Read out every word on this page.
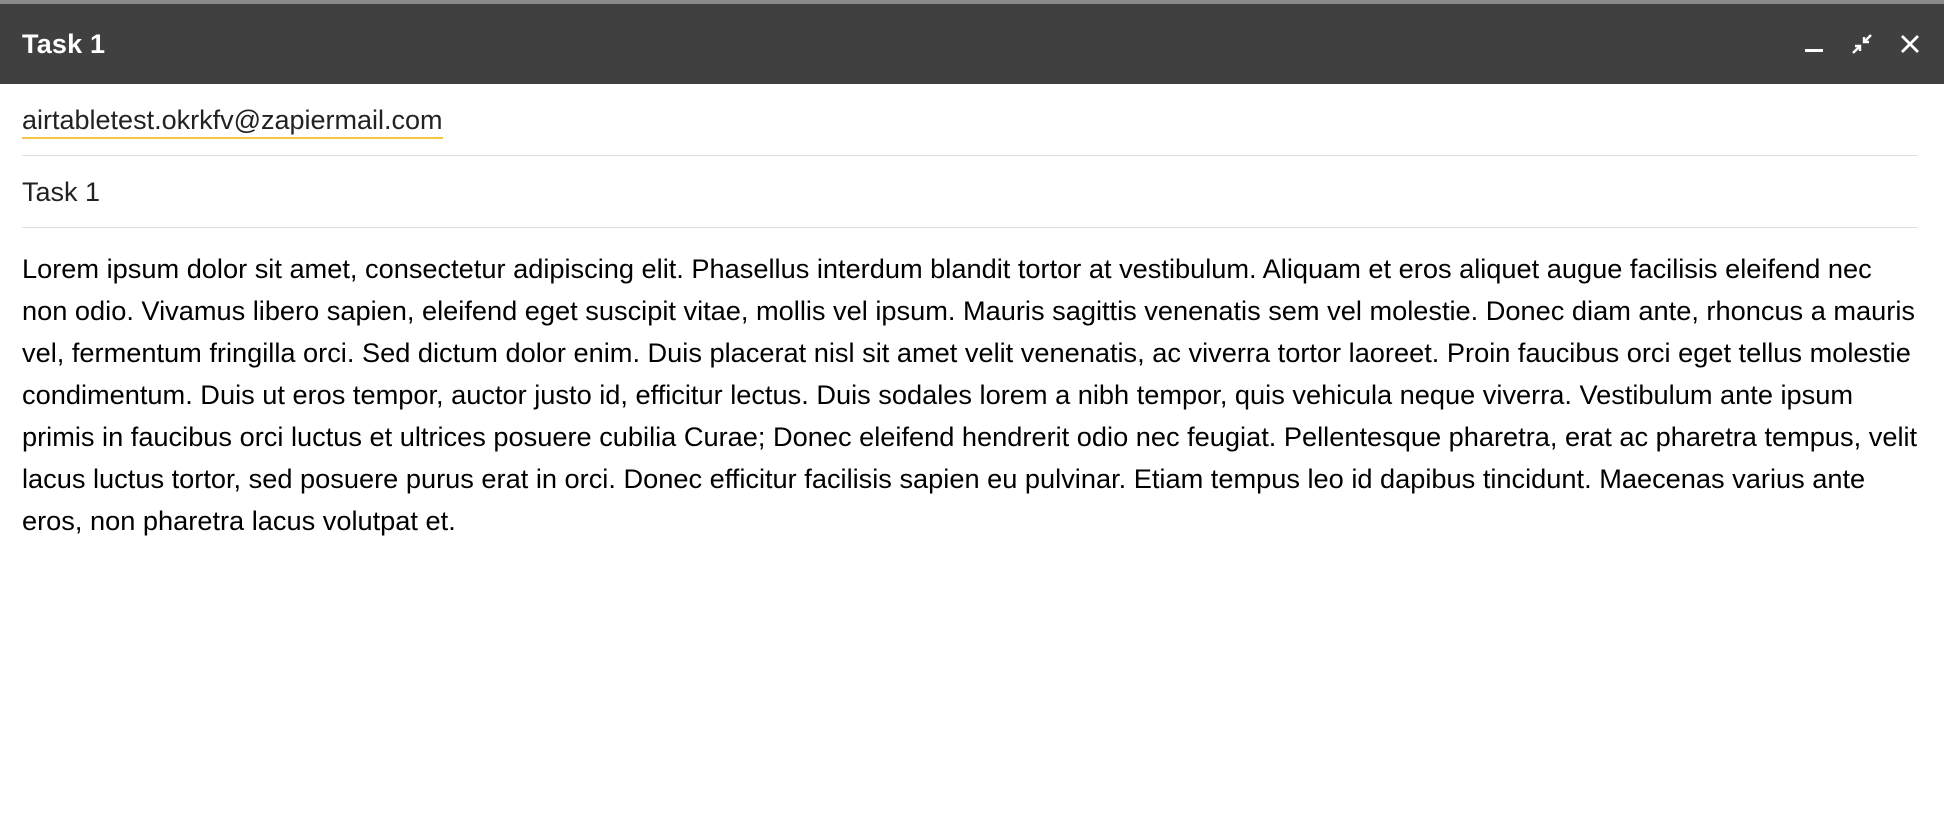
Task 1
airtabletest.okrkfv@zapiermail.com
Task 1

Lorem ipsum dolor sit amet, consectetur adipiscing elit. Phasellus interdum blandit tortor at vestibulum. Aliquam et eros aliquet augue facilisis eleifend nec non odio. Vivamus libero sapien, eleifend eget suscipit vitae, mollis vel ipsum. Mauris sagittis venenatis sem vel molestie. Donec diam ante, rhoncus a mauris vel, fermentum fringilla orci. Sed dictum dolor enim. Duis placerat nisl sit amet velit venenatis, ac viverra tortor laoreet. Proin faucibus orci eget tellus molestie condimentum. Duis ut eros tempor, auctor justo id, efficitur lectus. Duis sodales lorem a nibh tempor, quis vehicula neque viverra. Vestibulum ante ipsum primis in faucibus orci luctus et ultrices posuere cubilia Curae; Donec eleifend hendrerit odio nec feugiat. Pellentesque pharetra, erat ac pharetra tempus, velit lacus luctus tortor, sed posuere purus erat in orci. Donec efficitur facilisis sapien eu pulvinar. Etiam tempus leo id dapibus tincidunt. Maecenas varius ante eros, non pharetra lacus volutpat et.
